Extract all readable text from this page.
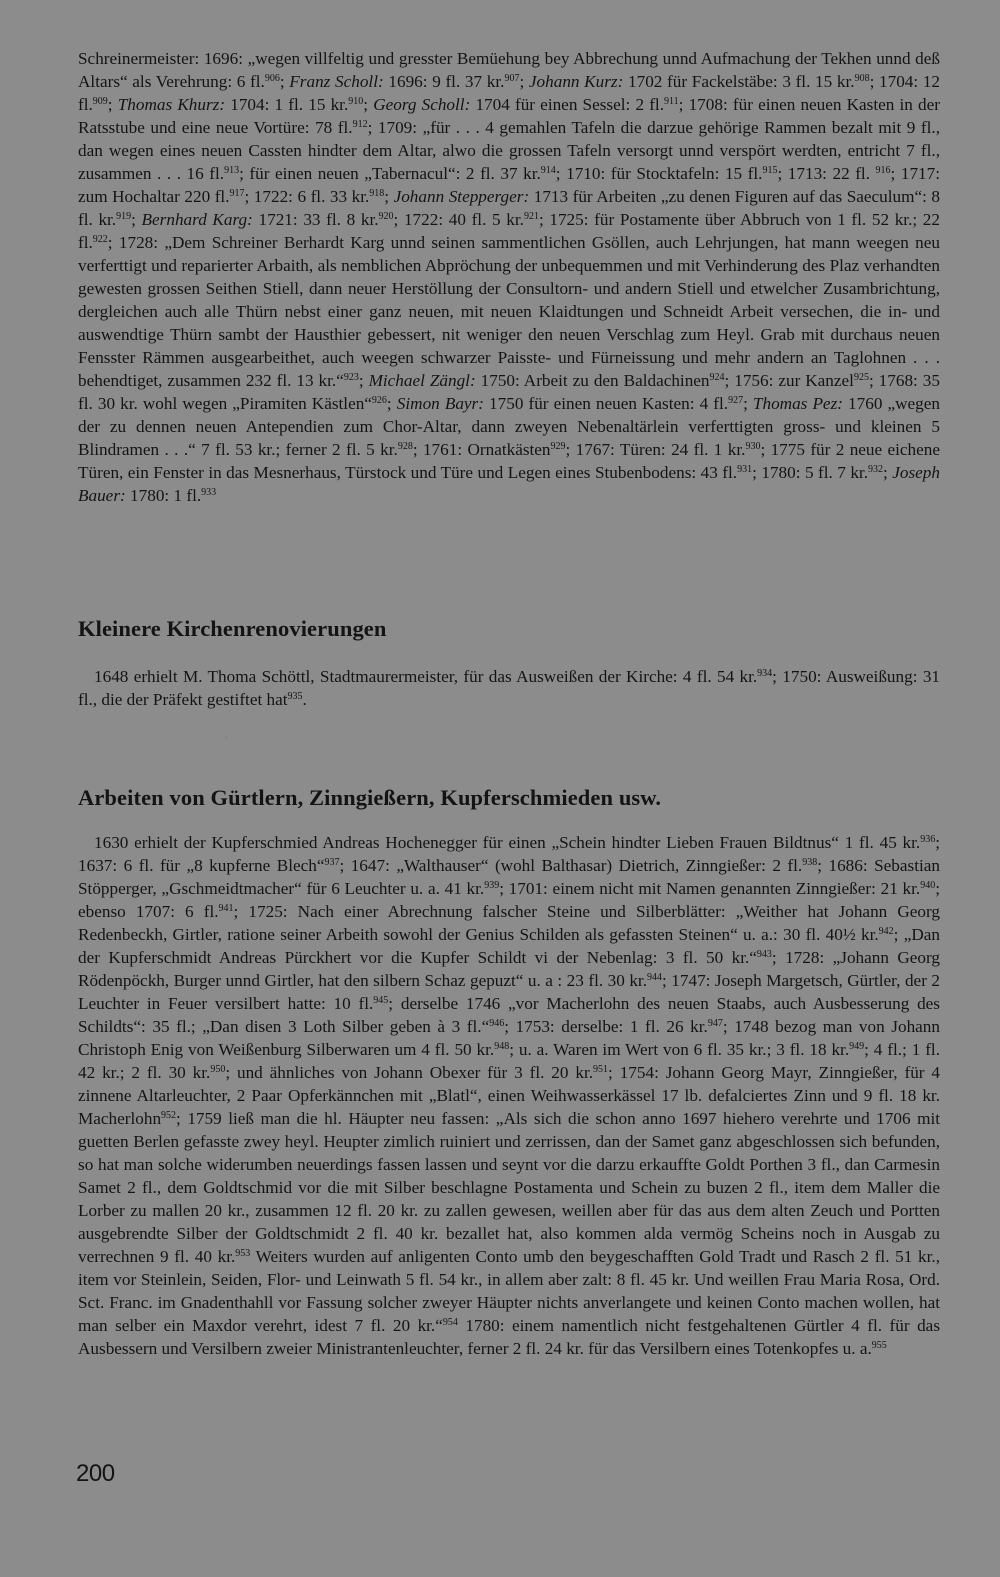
Schreinermeister: 1696: „wegen villfeltig und gresster Bemüehung bey Abbrechung unnd Aufmachung der Tekhen unnd deß Altars“ als Verehrung: 6 fl.$^{906}$; Franz Scholl: 1696: 9 fl. 37 kr.$^{907}$; Johann Kurz: 1702 für Fackelstäbe: 3 fl. 15 kr.$^{908}$; 1704: 12 fl.$^{909}$; Thomas Khurz: 1704: 1 fl. 15 kr.$^{910}$; Georg Scholl: 1704 für einen Sessel: 2 fl.$^{911}$; 1708: für einen neuen Kasten in der Ratsstube und eine neue Vortüre: 78 fl.$^{912}$; 1709: „für . . . 4 gemahlen Tafeln die darzue gehörige Rammen bezalt mit 9 fl., dan wegen eines neuen Cassten hindter dem Altar, alwo die grossen Tafeln versorgt unnd verspört werdten, entricht 7 fl., zusammen . . . 16 fl.$^{913}$; für einen neuen „Tabernacul“: 2 fl. 37 kr.$^{914}$; 1710: für Stocktafeln: 15 fl.$^{915}$; 1713: 22 fl. $^{916}$; 1717: zum Hochaltar 220 fl.$^{917}$; 1722: 6 fl. 33 kr.$^{918}$; Johann Stepperger: 1713 für Arbeiten „zu denen Figuren auf das Saeculum“: 8 fl. kr.$^{919}$; Bernhard Karg: 1721: 33 fl. 8 kr.$^{920}$; 1722: 40 fl. 5 kr.$^{921}$; 1725: für Postamente über Abbruch von 1 fl. 52 kr.; 22 fl.$^{922}$; 1728: „Dem Schreiner Berhardt Karg unnd seinen sammentlichen Gsöllen, auch Lehrjungen, hat mann weegen neu verferttigt und reparierter Arbaith, als nemblichen Abpröchung der unbequemmen und mit Verhinderung des Plaz verhandten gewesten grossen Seithen Stiell, dann neuer Herstöllung der Consultorn- und andern Stiell und etwelcher Zusambrichtung, dergleichen auch alle Thürn nebst einer ganz neuen, mit neuen Klaidtungen und Schneidt Arbeit versechen, die in- und auswendtige Thürn sambt der Hausthier gebessert, nit weniger den neuen Verschlag zum Heyl. Grab mit durchaus neuen Fensster Rämmen ausgearbeithet, auch weegen schwarzer Paisste- und Fürneissung und mehr andern an Taglohnen . . . behendtiget, zusammen 232 fl. 13 kr.“$^{923}$; Michael Zängl: 1750: Arbeit zu den Baldachinen$^{924}$; 1756: zur Kanzel$^{925}$; 1768: 35 fl. 30 kr. wohl wegen „Piramiten Kästlen“$^{926}$; Simon Bayr: 1750 für einen neuen Kasten: 4 fl.$^{927}$; Thomas Pez: 1760 „wegen der zu dennen neuen Antependien zum Chor-Altar, dann zweyen Nebenaltärlein verferttigten gross- und kleinen 5 Blindramen . . .“ 7 fl. 53 kr.; ferner 2 fl. 5 kr.$^{928}$; 1761: Ornatkästen$^{929}$; 1767: Türen: 24 fl. 1 kr.$^{930}$; 1775 für 2 neue eichene Türen, ein Fenster in das Mesnerhaus, Türstock und Türe und Legen eines Stubenbodens: 43 fl.$^{931}$; 1780: 5 fl. 7 kr.$^{932}$; Joseph Bauer: 1780: 1 fl.$^{933}$

Kleinere Kirchenrenovierungen

1648 erhielt M. Thoma Schöttl, Stadtmaurermeister, für das Ausweißen der Kirche: 4 fl. 54 kr.$^{934}$; 1750: Ausweißung: 31 fl., die der Präfekt gestiftet hat$^{935}$.

Arbeiten von Gürtlern, Zinngießern, Kupferschmieden usw.

1630 erhielt der Kupferschmied Andreas Hochenegger für einen „Schein hindter Lieben Frauen Bildtnus“ 1 fl. 45 kr.$^{936}$; 1637: 6 fl. für „8 kupferne Blech“$^{937}$; 1647: „Walthauser“ (wohl Balthasar) Dietrich, Zinngießer: 2 fl.$^{938}$; 1686: Sebastian Stöpperger, „Gschmeidtmacher“ für 6 Leuchter u. a. 41 kr.$^{939}$; 1701: einem nicht mit Namen genannten Zinngießer: 21 kr.$^{940}$; ebenso 1707: 6 fl.$^{941}$; 1725: Nach einer Abrechnung falscher Steine und Silberblätter: „Weither hat Johann Georg Redenbeckh, Girtler, ratione seiner Arbeith sowohl der Genius Schilden als gefassten Steinen“ u. a.: 30 fl. 40½ kr.$^{942}$; „Dan der Kupferschmidt Andreas Pürckhert vor die Kupfer Schildt vi der Nebenlag: 3 fl. 50 kr.“$^{943}$; 1728: „Johann Georg Rödenpöckh, Burger unnd Girtler, hat den silbern Schaz gepuzt“ u. a : 23 fl. 30 kr.$^{944}$; 1747: Joseph Margetsch, Gürtler, der 2 Leuchter in Feuer versilbert hatte: 10 fl.$^{945}$; derselbe 1746 „vor Macherlohn des neuen Staabs, auch Ausbesserung des Schildts“: 35 fl.; „Dan disen 3 Loth Silber geben à 3 fl.“$^{946}$; 1753: derselbe: 1 fl. 26 kr.$^{947}$; 1748 bezog man von Johann Christoph Enig von Weißenburg Silberwaren um 4 fl. 50 kr.$^{948}$; u. a. Waren im Wert von 6 fl. 35 kr.; 3 fl. 18 kr.$^{949}$; 4 fl.; 1 fl. 42 kr.; 2 fl. 30 kr.$^{950}$; und ähnliches von Johann Obexer für 3 fl. 20 kr.$^{951}$; 1754: Johann Georg Mayr, Zinngießer, für 4 zinnene Altarleuchter, 2 Paar Opferkännchen mit „Blatl“, einen Weihwasserkässel 17 lb. defalciertes Zinn und 9 fl. 18 kr. Macherlohn$^{952}$; 1759 ließ man die hl. Häupter neu fassen: „Als sich die schon anno 1697 hiehero verehrte und 1706 mit guetten Berlen gefasste zwey heyl. Heupter zimlich ruiniert und zerrissen, dan der Samet ganz abgeschlossen sich befunden, so hat man solche widerumben neuerdings fassen lassen und seynt vor die darzu erkauffte Goldt Porthen 3 fl., dan Carmesin Samet 2 fl., dem Goldtschmid vor die mit Silber beschlagne Postamenta und Schein zu buzen 2 fl., item dem Maller die Lorber zu mallen 20 kr., zusammen 12 fl. 20 kr. zu zallen gewesen, weillen aber für das aus dem alten Zeuch und Portten ausgebrendte Silber der Goldtschmidt 2 fl. 40 kr. bezallet hat, also kommen alda vermög Scheins noch in Ausgab zu verrechnen 9 fl. 40 kr.$^{953}$ Weiters wurden auf anligenten Conto umb den beygeschafften Gold Tradt und Rasch 2 fl. 51 kr., item vor Steinlein, Seiden, Flor- und Leinwath 5 fl. 54 kr., in allem aber zalt: 8 fl. 45 kr. Und weillen Frau Maria Rosa, Ord. Sct. Franc. im Gnadenthahll vor Fassung solcher zweyer Häupter nichts anverlangete und keinen Conto machen wollen, hat man selber ein Maxdor verehrt, idest 7 fl. 20 kr.“$^{954}$ 1780: einem namentlich nicht festgehaltenen Gürtler 4 fl. für das Ausbessern und Versilbern zweier Ministrantenleuchter, ferner 2 fl. 24 kr. für das Versilbern eines Totenkopfes u. a.$^{955}$

200
